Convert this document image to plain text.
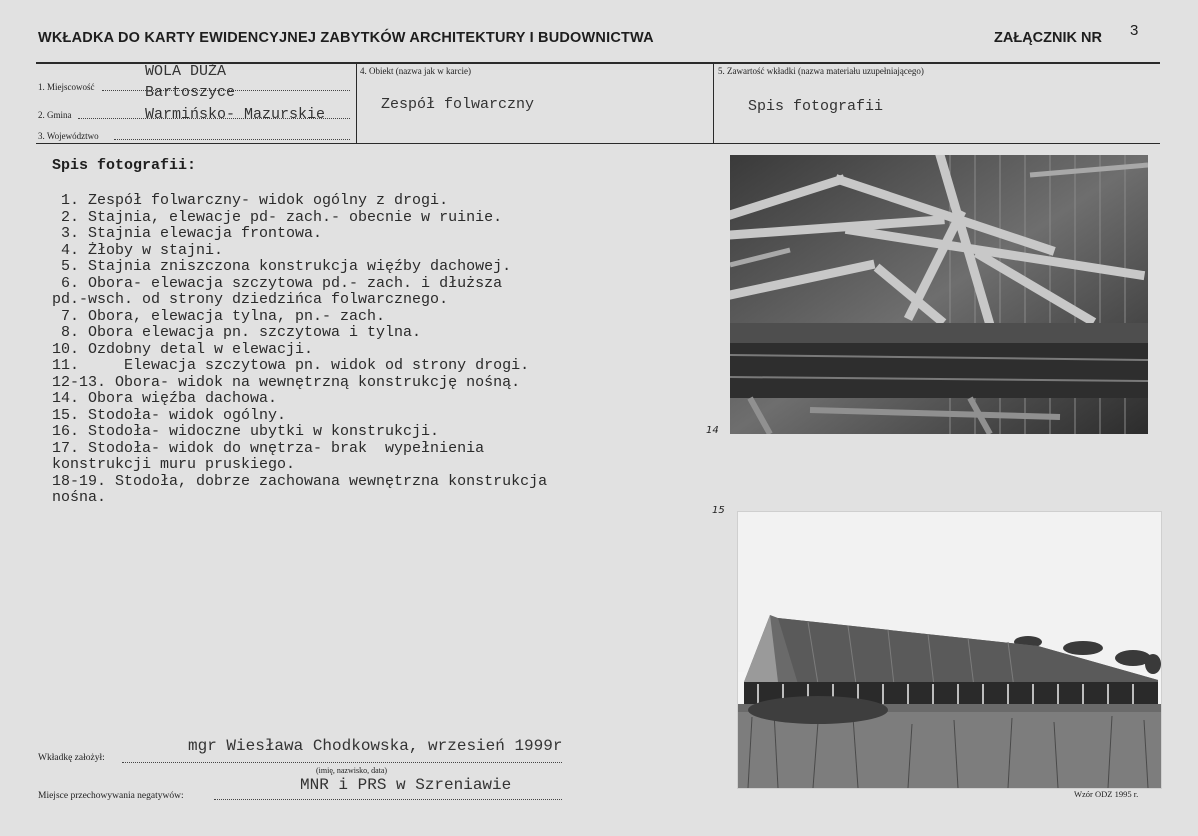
WKŁADKA DO KARTY EWIDENCYJNEJ ZABYTKÓW ARCHITEKTURY I BUDOWNICTWA	ZAŁĄCZNIK NR 3
1. Miejscowość
WOLA DUŻA
2. Gmina
Bartoszyce
3. Województwo
Warmińsko- Mazurskie
4. Obiekt (nazwa jak w karcie)
Zespół folwarczny
5. Zawartość wkładki (nazwa materiału uzupełniającego)
Spis fotografii
Spis fotografii:
1. Zespół folwarczny- widok ogólny z drogi.
2. Stajnia, elewacje pd- zach.- obecnie w ruinie.
3. Stajnia elewacja frontowa.
4. Żłoby w stajni.
5. Stajnia zniszczona konstrukcja więźby dachowej.
6. Obora- elewacja szczytowa pd.- zach. i dłuższa
pd.-wsch. od strony dziedzińca folwarcznego.
7. Obora, elewacja tylna, pn.- zach.
8. Obora elewacja pn. szczytowa i tylna.
10. Ozdobny detal w elewacji.
11.     Elewacja szczytowa pn. widok od strony drogi.
12-13. Obora- widok na wewnętrzną konstrukcję nośną.
14. Obora więźba dachowa.
15. Stodoła- widok ogólny.
16. Stodoła- widoczne ubytki w konstrukcji.
17. Stodoła- widok do wnętrza- brak  wypełnienia
konstrukcji muru pruskiego.
18-19. Stodoła, dobrze zachowana wewnętrzna konstrukcja
nośna.
14
15
Wkładkę założył:
mgr Wiesława Chodkowska, wrzesień 1999r
(imię, nazwisko, data)
Miejsce przechowywania negatywów:
MNR i PRS w Szreniawie	Wzór ODZ 1995 r.
